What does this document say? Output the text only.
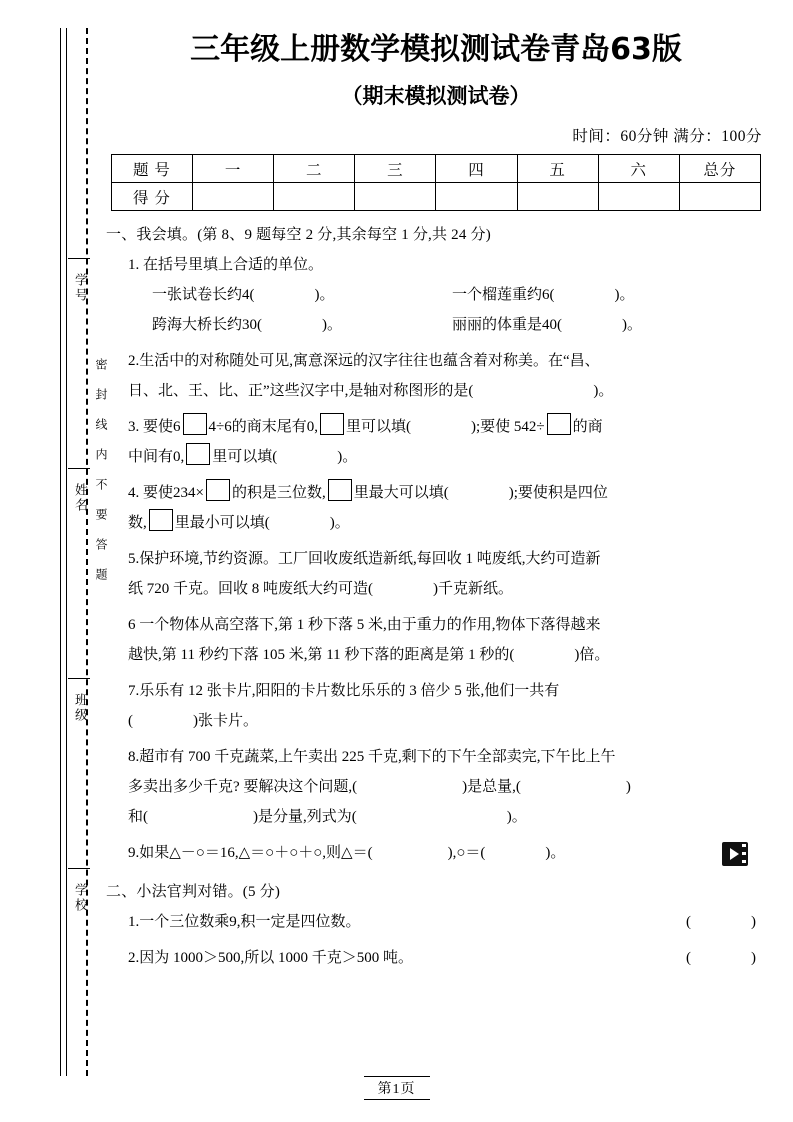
学号
姓名
班级
学校
密　封　线　内　不　要　答　题
三年级上册数学模拟测试卷青岛63版
（期末模拟测试卷）
时间：60分钟 满分：100分
题 号	一	二	三	四	五	六	总分
得 分							
一、我会填。(第 8、9 题每空 2 分,其余每空 1 分,共 24 分)
1. 在括号里填上合适的单位。
一张试卷长约4(　　　　)。	一个榴莲重约6(　　　　)。
跨海大桥长约30(　　　　)。	丽丽的体重是40(　　　　)。
2.生活中的对称随处可见,寓意深远的汉字往往也蕴含着对称美。在“昌、
日、北、王、比、正”这些汉字中,是轴对称图形的是(　　　　　　　　)。
3. 要使6 4÷6的商末尾有0, 里可以填(　　　　);要使 542÷ 的商
中间有0, 里可以填(　　　　)。
4. 要使234× 的积是三位数, 里最大可以填(　　　　);要使积是四位
数, 里最小可以填(　　　　)。
5.保护环境,节约资源。工厂回收废纸造新纸,每回收 1 吨废纸,大约可造新
纸 720 千克。回收 8 吨废纸大约可造(　　　　)千克新纸。
6 一个物体从高空落下,第 1 秒下落 5 米,由于重力的作用,物体下落得越来
越快,第 11 秒约下落 105 米,第 11 秒下落的距离是第 1 秒的(　　　　)倍。
7.乐乐有 12 张卡片,阳阳的卡片数比乐乐的 3 倍少 5 张,他们一共有
(　　　　)张卡片。
8.超市有 700 千克蔬菜,上午卖出 225 千克,剩下的下午全部卖完,下午比上午
多卖出多少千克? 要解决这个问题,(　　　　　　　)是总量,(　　　　　　　)
和(　　　　　　　)是分量,列式为(　　　　　　　　　　)。
9.如果△－○＝16,△＝○＋○＋○,则△＝(　　　　　),○＝(　　　　)。
二、小法官判对错。(5 分)
1.一个三位数乘9,积一定是四位数。	(　　　　)
2.因为 1000＞500,所以 1000 千克＞500 吨。	(　　　　)
第1页
